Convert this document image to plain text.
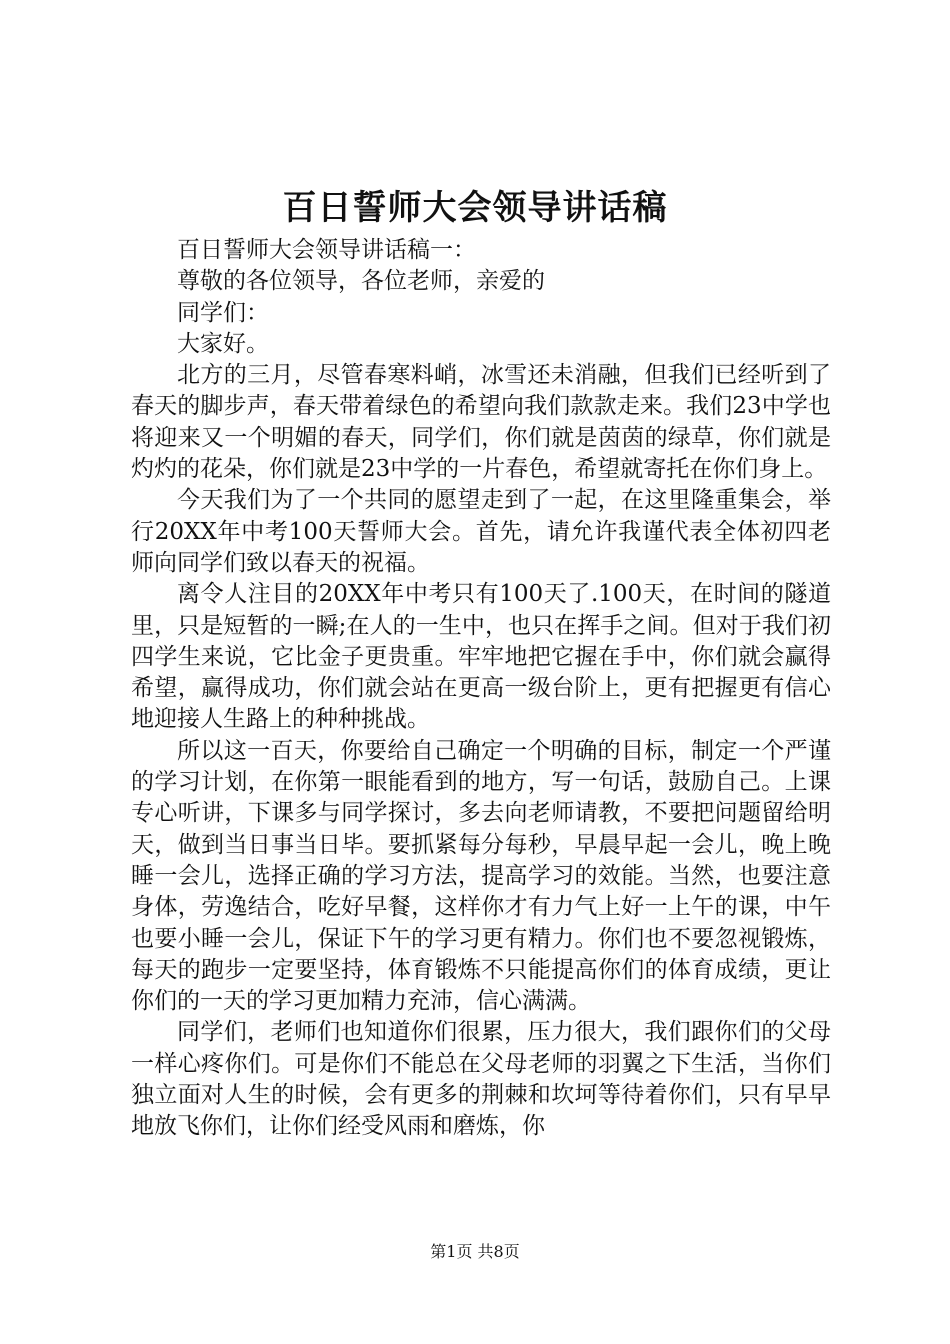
百日誓师大会领导讲话稿

百日誓师大会领导讲话稿一：

尊敬的各位领导，各位老师，亲爱的

同学们：

大家好。

北方的三月，尽管春寒料峭，冰雪还未消融，但我们已经听到了春天的脚步声，春天带着绿色的希望向我们款款走来。我们23中学也将迎来又一个明媚的春天，同学们，你们就是茵茵的绿草，你们就是灼灼的花朵，你们就是23中学的一片春色，希望就寄托在你们身上。

今天我们为了一个共同的愿望走到了一起，在这里隆重集会，举行20XX年中考100天誓师大会。首先，请允许我谨代表全体初四老师向同学们致以春天的祝福。

离令人注目的20XX年中考只有100天了.100天，在时间的隧道里，只是短暂的一瞬;在人的一生中，也只在挥手之间。但对于我们初四学生来说，它比金子更贵重。牢牢地把它握在手中，你们就会赢得希望，赢得成功，你们就会站在更高一级台阶上，更有把握更有信心地迎接人生路上的种种挑战。

所以这一百天，你要给自己确定一个明确的目标，制定一个严谨的学习计划，在你第一眼能看到的地方，写一句话，鼓励自己。上课专心听讲，下课多与同学探讨，多去向老师请教，不要把问题留给明天，做到当日事当日毕。要抓紧每分每秒，早晨早起一会儿，晚上晚睡一会儿，选择正确的学习方法，提高学习的效能。当然，也要注意身体，劳逸结合，吃好早餐，这样你才有力气上好一上午的课，中午也要小睡一会儿，保证下午的学习更有精力。你们也不要忽视锻炼，每天的跑步一定要坚持，体育锻炼不只能提高你们的体育成绩，更让你们的一天的学习更加精力充沛，信心满满。

同学们，老师们也知道你们很累，压力很大，我们跟你们的父母一样心疼你们。可是你们不能总在父母老师的羽翼之下生活，当你们独立面对人生的时候，会有更多的荆棘和坎坷等待着你们，只有早早地放飞你们，让你们经受风雨和磨炼，你

第1页 共8页
